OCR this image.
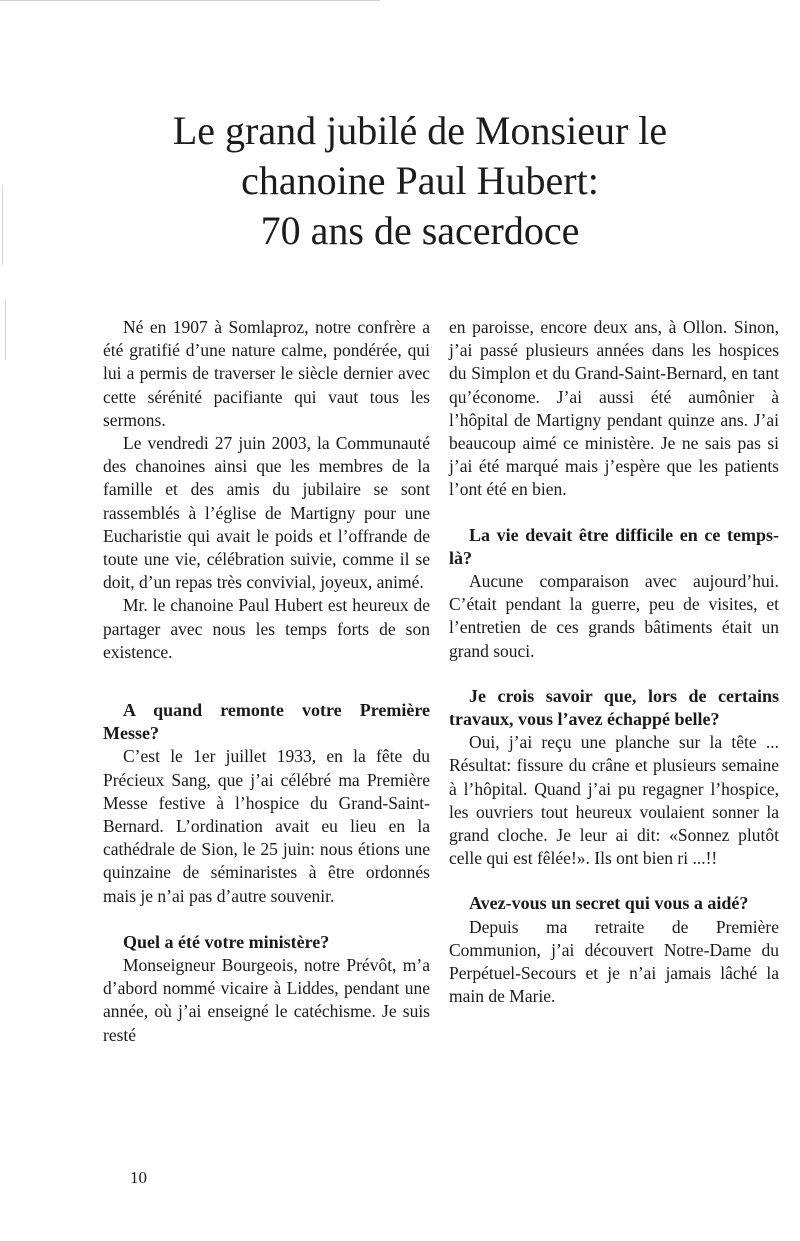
Le grand jubilé de Monsieur le
chanoine Paul Hubert:
70 ans de sacerdoce

Né en 1907 à Somlaproz, notre confrère a été gratifié d’une nature calme, pondérée, qui lui a permis de traverser le siècle dernier avec cette sérénité pacifiante qui vaut tous les sermons.

Le vendredi 27 juin 2003, la Communauté des chanoines ainsi que les membres de la famille et des amis du jubilaire se sont rassemblés à l’église de Martigny pour une Eucharistie qui avait le poids et l’offrande de toute une vie, célébration suivie, comme il se doit, d’un repas très convivial, joyeux, animé.

Mr. le chanoine Paul Hubert est heureux de partager avec nous les temps forts de son existence.

A quand remonte votre Première Messe?

C’est le 1er juillet 1933, en la fête du Précieux Sang, que j’ai célébré ma Première Messe festive à l’hospice du Grand-Saint-Bernard. L’ordination avait eu lieu en la cathédrale de Sion, le 25 juin: nous étions une quinzaine de séminaristes à être ordonnés mais je n’ai pas d’autre souvenir.

Quel a été votre ministère?

Monseigneur Bourgeois, notre Prévôt, m’a d’abord nommé vicaire à Liddes, pendant une année, où j’ai enseigné le catéchisme. Je suis resté

en paroisse, encore deux ans, à Ollon. Sinon, j’ai passé plusieurs années dans les hospices du Simplon et du Grand-Saint-Bernard, en tant qu’économe. J’ai aussi été aumônier à l’hôpital de Martigny pendant quinze ans. J’ai beaucoup aimé ce ministère. Je ne sais pas si j’ai été marqué mais j’espère que les patients l’ont été en bien.

La vie devait être difficile en ce temps-là?

Aucune comparaison avec aujourd’hui. C’était pendant la guerre, peu de visites, et l’entretien de ces grands bâtiments était un grand souci.

Je crois savoir que, lors de certains travaux, vous l’avez échappé belle?

Oui, j’ai reçu une planche sur la tête ... Résultat: fissure du crâne et plusieurs semaine à l’hôpital. Quand j’ai pu regagner l’hospice, les ouvriers tout heureux voulaient sonner la grand cloche. Je leur ai dit: «Sonnez plutôt celle qui est fêlée!». Ils ont bien ri ...!!

Avez-vous un secret qui vous a aidé?

Depuis ma retraite de Première Communion, j’ai découvert Notre-Dame du Perpétuel-Secours et je n’ai jamais lâché la main de Marie.

10
